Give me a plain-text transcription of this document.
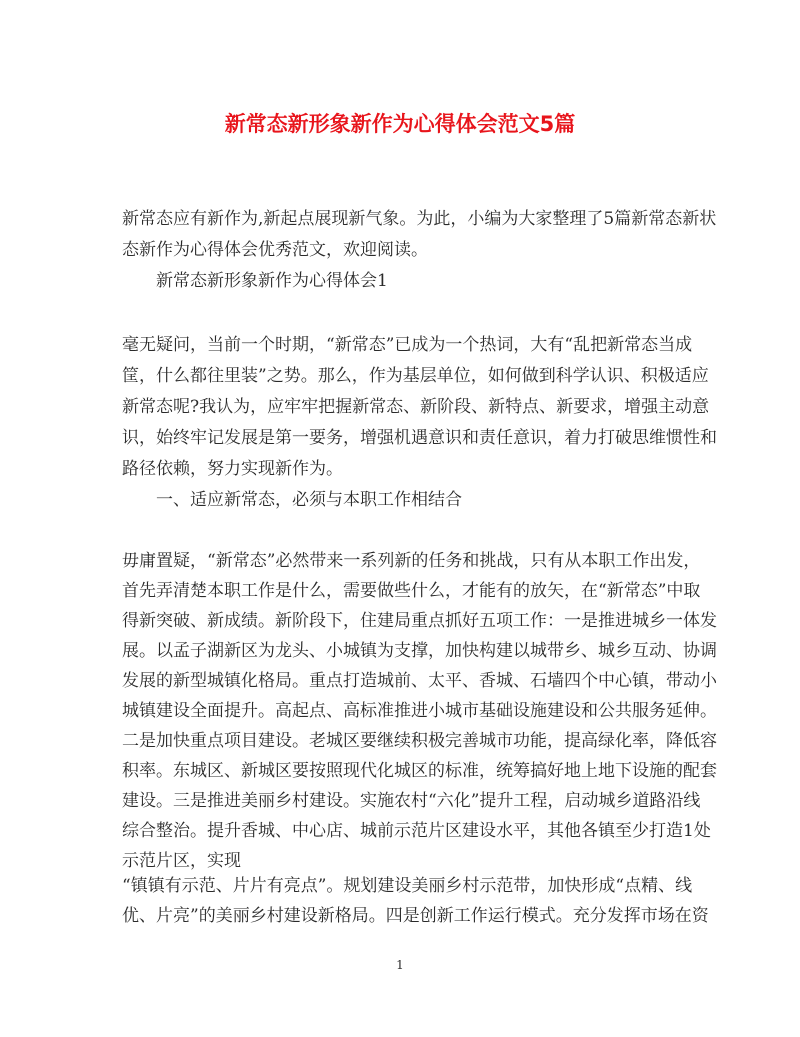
新常态新形象新作为心得体会范文5篇
新常态应有新作为,新起点展现新气象。为此，小编为大家整理了5篇新常态新状
态新作为心得体会优秀范文，欢迎阅读。
新常态新形象新作为心得体会1
毫无疑问，当前一个时期，“新常态”已成为一个热词，大有“乱把新常态当成
筐，什么都往里装”之势。那么，作为基层单位，如何做到科学认识、积极适应
新常态呢?我认为，应牢牢把握新常态、新阶段、新特点、新要求，增强主动意
识，始终牢记发展是第一要务，增强机遇意识和责任意识，着力打破思维惯性和
路径依赖，努力实现新作为。
一、适应新常态，必须与本职工作相结合
毋庸置疑，“新常态”必然带来一系列新的任务和挑战，只有从本职工作出发，
首先弄清楚本职工作是什么，需要做些什么，才能有的放矢，在“新常态”中取
得新突破、新成绩。新阶段下，住建局重点抓好五项工作：一是推进城乡一体发
展。以孟子湖新区为龙头、小城镇为支撑，加快构建以城带乡、城乡互动、协调
发展的新型城镇化格局。重点打造城前、太平、香城、石墙四个中心镇，带动小
城镇建设全面提升。高起点、高标准推进小城市基础设施建设和公共服务延伸。
二是加快重点项目建设。老城区要继续积极完善城市功能，提高绿化率，降低容
积率。东城区、新城区要按照现代化城区的标准，统筹搞好地上地下设施的配套
建设。三是推进美丽乡村建设。实施农村“六化”提升工程，启动城乡道路沿线
综合整治。提升香城、中心店、城前示范片区建设水平，其他各镇至少打造1处
示范片区，实现
“镇镇有示范、片片有亮点”。规划建设美丽乡村示范带，加快形成“点精、线
优、片亮”的美丽乡村建设新格局。四是创新工作运行模式。充分发挥市场在资
1
